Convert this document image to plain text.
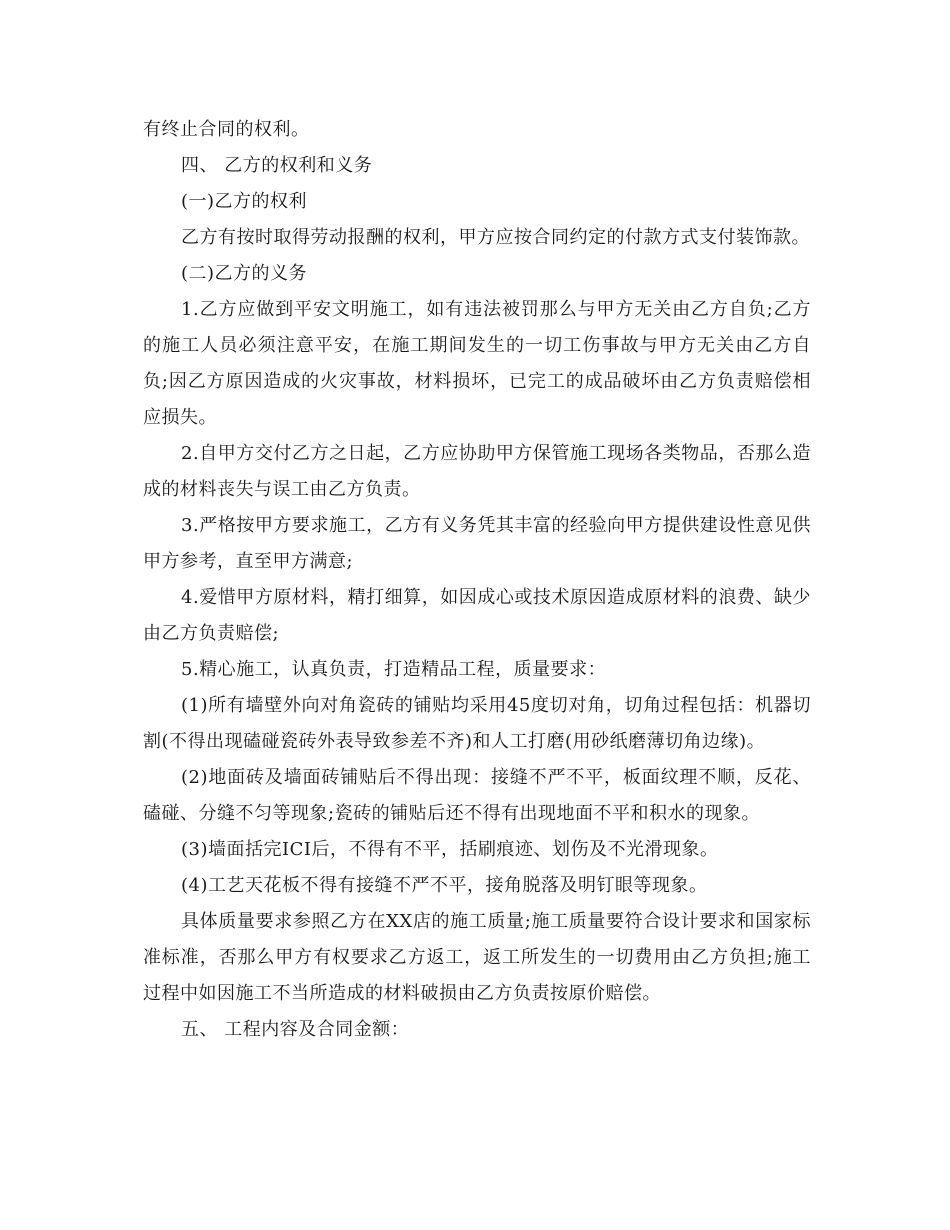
有终止合同的权利。

四、 乙方的权利和义务

(一)乙方的权利

乙方有按时取得劳动报酬的权利，甲方应按合同约定的付款方式支付装饰款。

(二)乙方的义务

1.乙方应做到平安文明施工，如有违法被罚那么与甲方无关由乙方自负;乙方的施工人员必须注意平安，在施工期间发生的一切工伤事故与甲方无关由乙方自负;因乙方原因造成的火灾事故，材料损坏，已完工的成品破坏由乙方负责赔偿相应损失。

2.自甲方交付乙方之日起，乙方应协助甲方保管施工现场各类物品，否那么造成的材料丧失与误工由乙方负责。

3.严格按甲方要求施工，乙方有义务凭其丰富的经验向甲方提供建设性意见供甲方参考，直至甲方满意;

4.爱惜甲方原材料，精打细算，如因成心或技术原因造成原材料的浪费、缺少由乙方负责赔偿;

5.精心施工，认真负责，打造精品工程，质量要求：

(1)所有墙壁外向对角瓷砖的铺贴均采用45度切对角，切角过程包括：机器切割(不得出现磕碰瓷砖外表导致参差不齐)和人工打磨(用砂纸磨薄切角边缘)。

(2)地面砖及墙面砖铺贴后不得出现：接缝不严不平，板面纹理不顺，反花、磕碰、分缝不匀等现象;瓷砖的铺贴后还不得有出现地面不平和积水的现象。

(3)墙面括完ICI后，不得有不平，括刷痕迹、划伤及不光滑现象。

(4)工艺天花板不得有接缝不严不平，接角脱落及明钉眼等现象。

具体质量要求参照乙方在XX店的施工质量;施工质量要符合设计要求和国家标准标准，否那么甲方有权要求乙方返工，返工所发生的一切费用由乙方负担;施工过程中如因施工不当所造成的材料破损由乙方负责按原价赔偿。

五、 工程内容及合同金额：
